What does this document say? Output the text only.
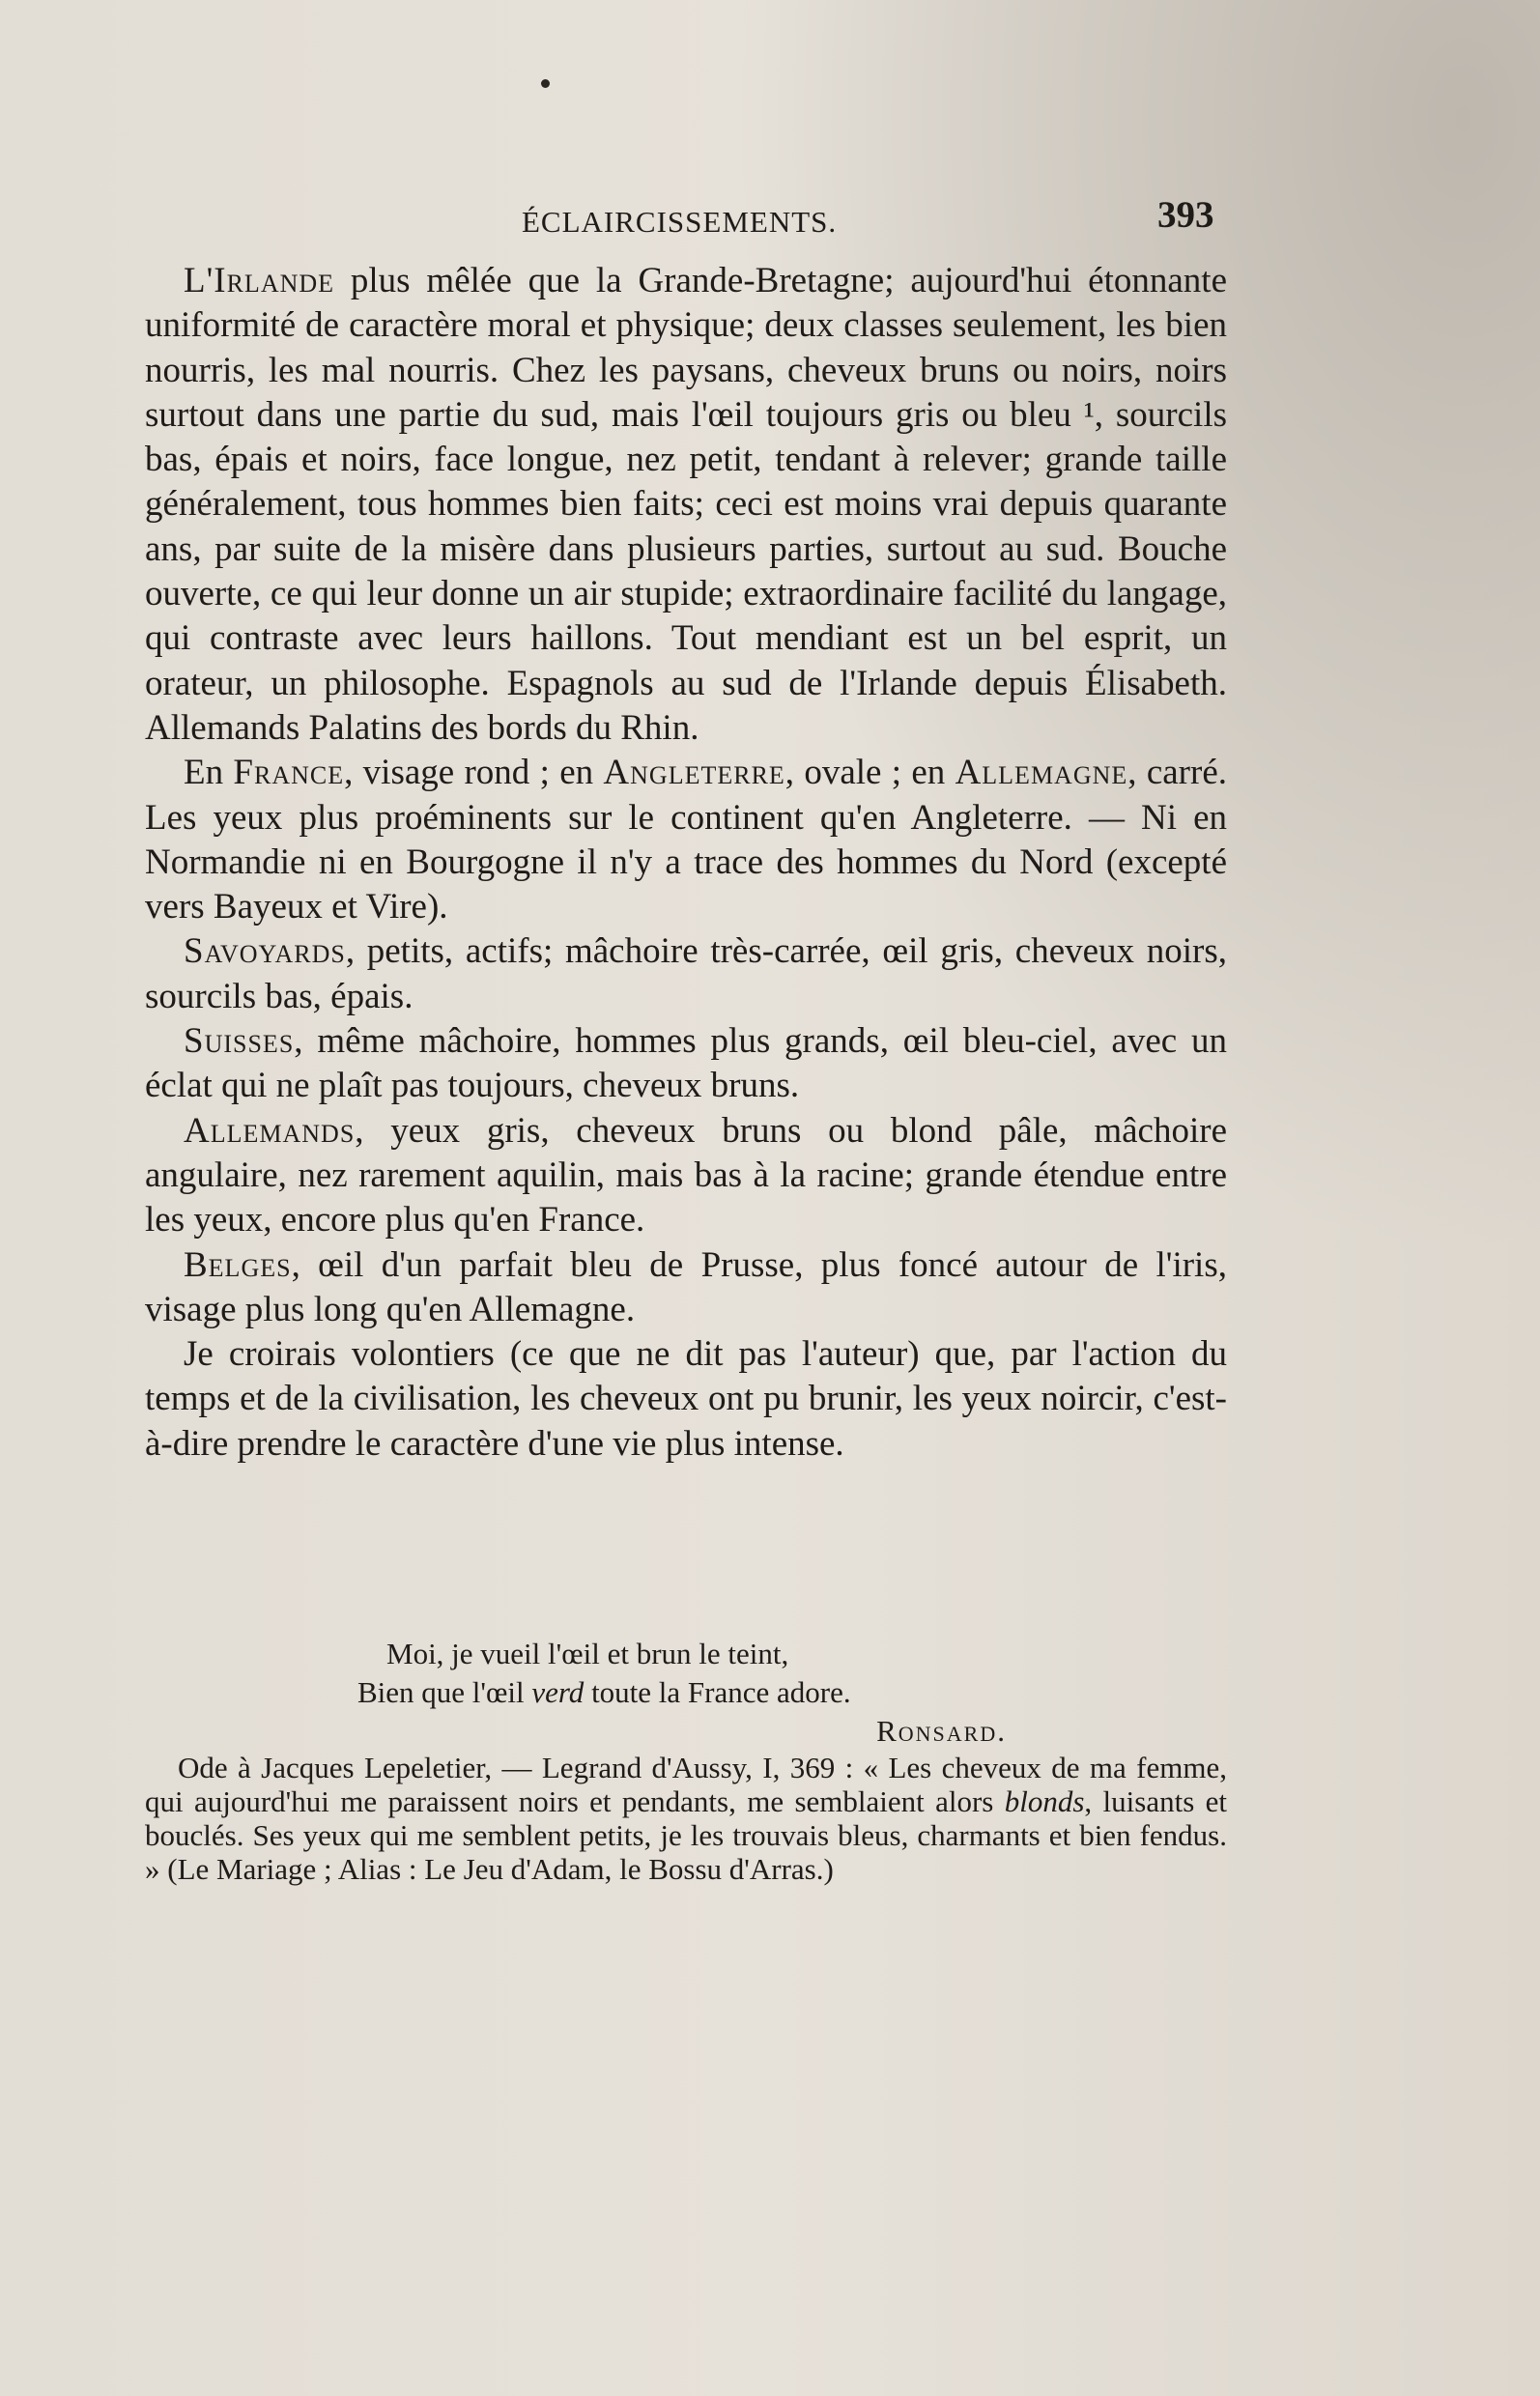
ÉCLAIRCISSEMENTS.	393

L'Irlande plus mêlée que la Grande-Bretagne; aujourd'hui étonnante uniformité de caractère moral et physique; deux classes seulement, les bien nourris, les mal nourris. Chez les paysans, cheveux bruns ou noirs, noirs surtout dans une partie du sud, mais l'œil toujours gris ou bleu ¹, sourcils bas, épais et noirs, face longue, nez petit, tendant à relever; grande taille généralement, tous hommes bien faits; ceci est moins vrai depuis quarante ans, par suite de la misère dans plusieurs parties, surtout au sud. Bouche ouverte, ce qui leur donne un air stupide; extraordinaire facilité du langage, qui contraste avec leurs haillons. Tout mendiant est un bel esprit, un orateur, un philosophe. Espagnols au sud de l'Irlande depuis Élisabeth. Allemands Palatins des bords du Rhin.

En France, visage rond ; en Angleterre, ovale ; en Allemagne, carré. Les yeux plus proéminents sur le continent qu'en Angleterre. — Ni en Normandie ni en Bourgogne il n'y a trace des hommes du Nord (excepté vers Bayeux et Vire).

Savoyards, petits, actifs; mâchoire très-carrée, œil gris, cheveux noirs, sourcils bas, épais.

Suisses, même mâchoire, hommes plus grands, œil bleu-ciel, avec un éclat qui ne plaît pas toujours, cheveux bruns.

Allemands, yeux gris, cheveux bruns ou blond pâle, mâchoire angulaire, nez rarement aquilin, mais bas à la racine; grande étendue entre les yeux, encore plus qu'en France.

Belges, œil d'un parfait bleu de Prusse, plus foncé autour de l'iris, visage plus long qu'en Allemagne.

Je croirais volontiers (ce que ne dit pas l'auteur) que, par l'action du temps et de la civilisation, les cheveux ont pu brunir, les yeux noircir, c'est-à-dire prendre le caractère d'une vie plus intense.

Moi, je vueil l'œil et brun le teint,
Bien que l'œil verd toute la France adore.
Ronsard.

Ode à Jacques Lepeletier, — Legrand d'Aussy, I, 369 : « Les cheveux de ma femme, qui aujourd'hui me paraissent noirs et pendants, me semblaient alors blonds, luisants et bouclés. Ses yeux qui me semblent petits, je les trouvais bleus, charmants et bien fendus. » (Le Mariage ; Alias : Le Jeu d'Adam, le Bossu d'Arras.)
